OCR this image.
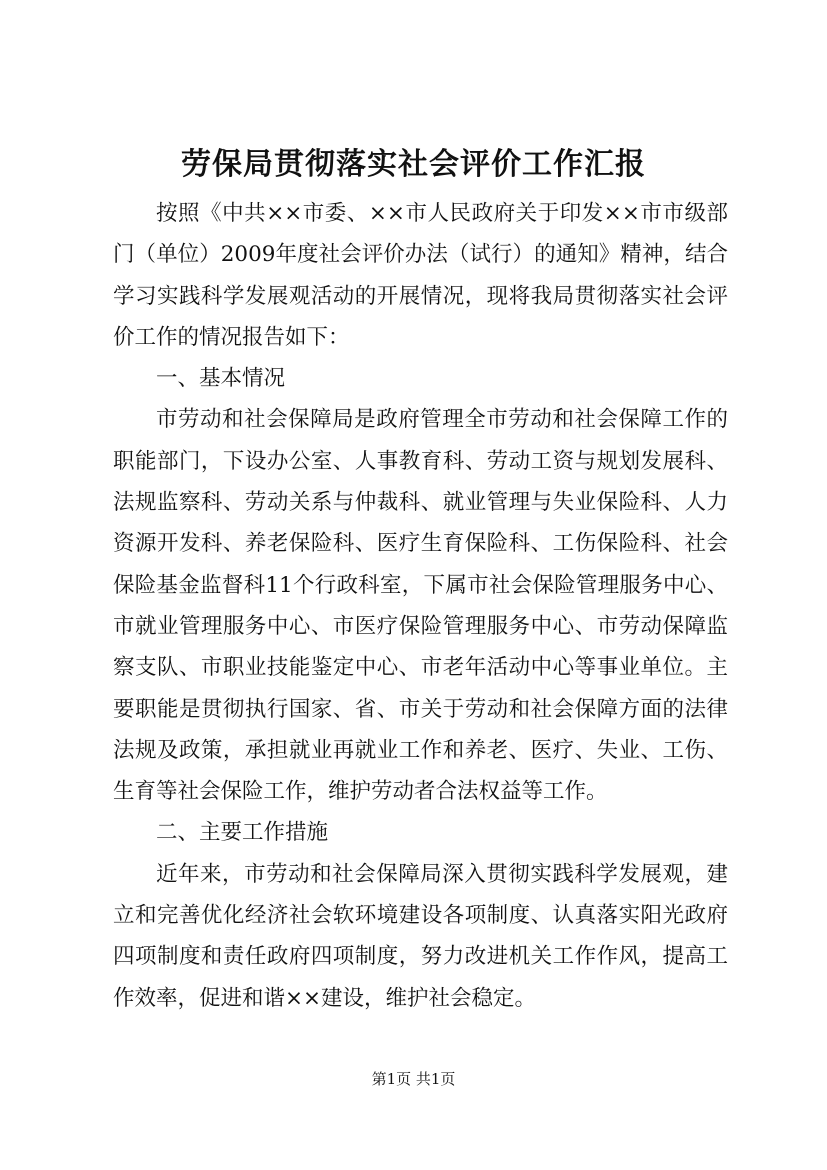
劳保局贯彻落实社会评价工作汇报

按照《中共××市委、××市人民政府关于印发××市市级部门（单位）2009年度社会评价办法（试行）的通知》精神，结合学习实践科学发展观活动的开展情况，现将我局贯彻落实社会评价工作的情况报告如下：

一、基本情况

市劳动和社会保障局是政府管理全市劳动和社会保障工作的职能部门，下设办公室、人事教育科、劳动工资与规划发展科、法规监察科、劳动关系与仲裁科、就业管理与失业保险科、人力资源开发科、养老保险科、医疗生育保险科、工伤保险科、社会保险基金监督科11个行政科室，下属市社会保险管理服务中心、市就业管理服务中心、市医疗保险管理服务中心、市劳动保障监察支队、市职业技能鉴定中心、市老年活动中心等事业单位。主要职能是贯彻执行国家、省、市关于劳动和社会保障方面的法律法规及政策，承担就业再就业工作和养老、医疗、失业、工伤、生育等社会保险工作，维护劳动者合法权益等工作。

二、主要工作措施

近年来，市劳动和社会保障局深入贯彻实践科学发展观，建立和完善优化经济社会软环境建设各项制度、认真落实阳光政府四项制度和责任政府四项制度，努力改进机关工作作风，提高工作效率，促进和谐××建设，维护社会稳定。

第1页 共1页
